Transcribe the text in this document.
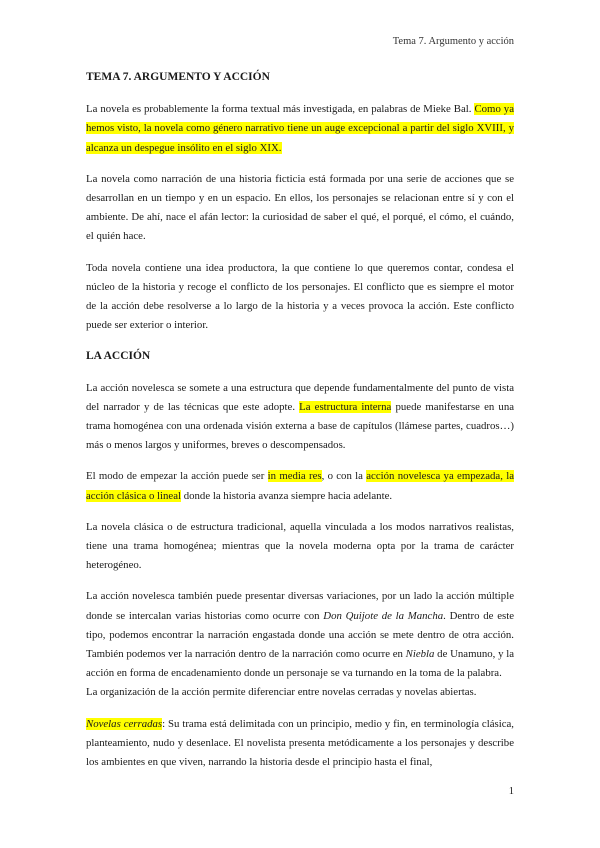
Tema 7. Argumento y acción
TEMA 7. ARGUMENTO Y ACCIÓN

La novela es probablemente la forma textual más investigada, en palabras de Mieke Bal. Como ya hemos visto, la novela como género narrativo tiene un auge excepcional a partir del siglo XVIII, y alcanza un despegue insólito en el siglo XIX.

La novela como narración de una historia ficticia está formada por una serie de acciones que se desarrollan en un tiempo y en un espacio. En ellos, los personajes se relacionan entre sí y con el ambiente. De ahí, nace el afán lector: la curiosidad de saber el qué, el porqué, el cómo, el cuándo, el quién hace.

Toda novela contiene una idea productora, la que contiene lo que queremos contar, condesa el núcleo de la historia y recoge el conflicto de los personajes. El conflicto que es siempre el motor de la acción debe resolverse a lo largo de la historia y a veces provoca la acción. Este conflicto puede ser exterior o interior.

LA ACCIÓN

La acción novelesca se somete a una estructura que depende fundamentalmente del punto de vista del narrador y de las técnicas que este adopte. La estructura interna puede manifestarse en una trama homogénea con una ordenada visión externa a base de capítulos (llámese partes, cuadros…) más o menos largos y uniformes, breves o descompensados.

El modo de empezar la acción puede ser in media res, o con la acción novelesca ya empezada, la acción clásica o lineal donde la historia avanza siempre hacia adelante.

La novela clásica o de estructura tradicional, aquella vinculada a los modos narrativos realistas, tiene una trama homogénea; mientras que la novela moderna opta por la trama de carácter heterogéneo.

La acción novelesca también puede presentar diversas variaciones, por un lado la acción múltiple donde se intercalan varias historias como ocurre con Don Quijote de la Mancha. Dentro de este tipo, podemos encontrar la narración engastada donde una acción se mete dentro de otra acción. También podemos ver la narración dentro de la narración como ocurre en Niebla de Unamuno, y la acción en forma de encadenamiento donde un personaje se va turnando en la toma de la palabra.

La organización de la acción permite diferenciar entre novelas cerradas y novelas abiertas.

Novelas cerradas: Su trama está delimitada con un principio, medio y fin, en terminología clásica, planteamiento, nudo y desenlace. El novelista presenta metódicamente a los personajes y describe los ambientes en que viven, narrando la historia desde el principio hasta el final,

1
